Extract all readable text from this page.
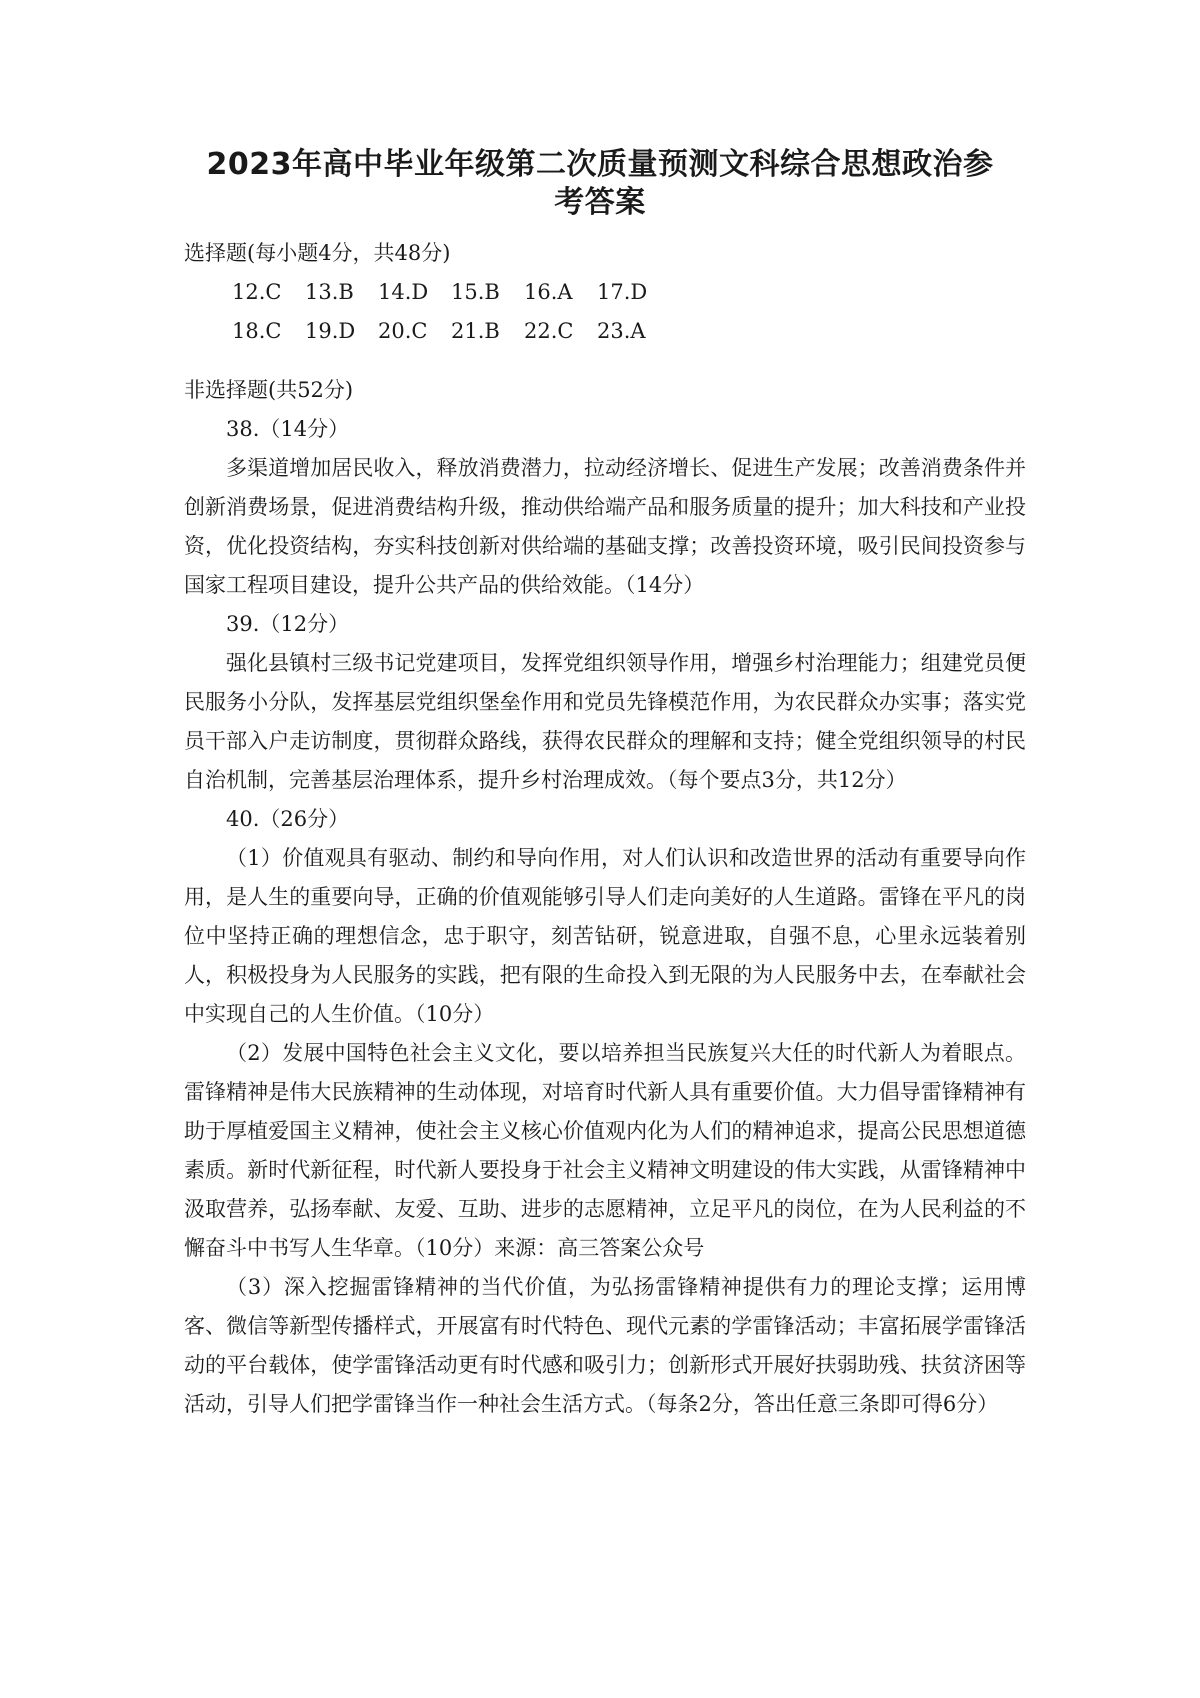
2023年高中毕业年级第二次质量预测文科综合思想政治参
考答案

选择题(每小题4分，共48分)

12.C 13.B 14.D 15.B 16.A 17.D

18.C 19.D 20.C 21.B 22.C 23.A

非选择题(共52分)

38.（14分）

多渠道增加居民收入，释放消费潜力，拉动经济增长、促进生产发展；改善消费条件并创新消费场景，促进消费结构升级，推动供给端产品和服务质量的提升；加大科技和产业投资，优化投资结构，夯实科技创新对供给端的基础支撑；改善投资环境，吸引民间投资参与国家工程项目建设，提升公共产品的供给效能。（14分）

39.（12分）

强化县镇村三级书记党建项目，发挥党组织领导作用，增强乡村治理能力；组建党员便民服务小分队，发挥基层党组织堡垒作用和党员先锋模范作用，为农民群众办实事；落实党员干部入户走访制度，贯彻群众路线，获得农民群众的理解和支持；健全党组织领导的村民自治机制，完善基层治理体系，提升乡村治理成效。（每个要点3分，共12分）

40.（26分）

（1）价值观具有驱动、制约和导向作用，对人们认识和改造世界的活动有重要导向作用，是人生的重要向导，正确的价值观能够引导人们走向美好的人生道路。雷锋在平凡的岗位中坚持正确的理想信念，忠于职守，刻苦钻研，锐意进取，自强不息，心里永远装着别人，积极投身为人民服务的实践，把有限的生命投入到无限的为人民服务中去，在奉献社会中实现自己的人生价值。（10分）

（2）发展中国特色社会主义文化，要以培养担当民族复兴大任的时代新人为着眼点。雷锋精神是伟大民族精神的生动体现，对培育时代新人具有重要价值。大力倡导雷锋精神有助于厚植爱国主义精神，使社会主义核心价值观内化为人们的精神追求，提高公民思想道德素质。新时代新征程，时代新人要投身于社会主义精神文明建设的伟大实践，从雷锋精神中汲取营养，弘扬奉献、友爱、互助、进步的志愿精神，立足平凡的岗位，在为人民利益的不懈奋斗中书写人生华章。（10分）来源：高三答案公众号

（3）深入挖掘雷锋精神的当代价值，为弘扬雷锋精神提供有力的理论支撑；运用博客、微信等新型传播样式，开展富有时代特色、现代元素的学雷锋活动；丰富拓展学雷锋活动的平台载体，使学雷锋活动更有时代感和吸引力；创新形式开展好扶弱助残、扶贫济困等活动，引导人们把学雷锋当作一种社会生活方式。（每条2分，答出任意三条即可得6分）
